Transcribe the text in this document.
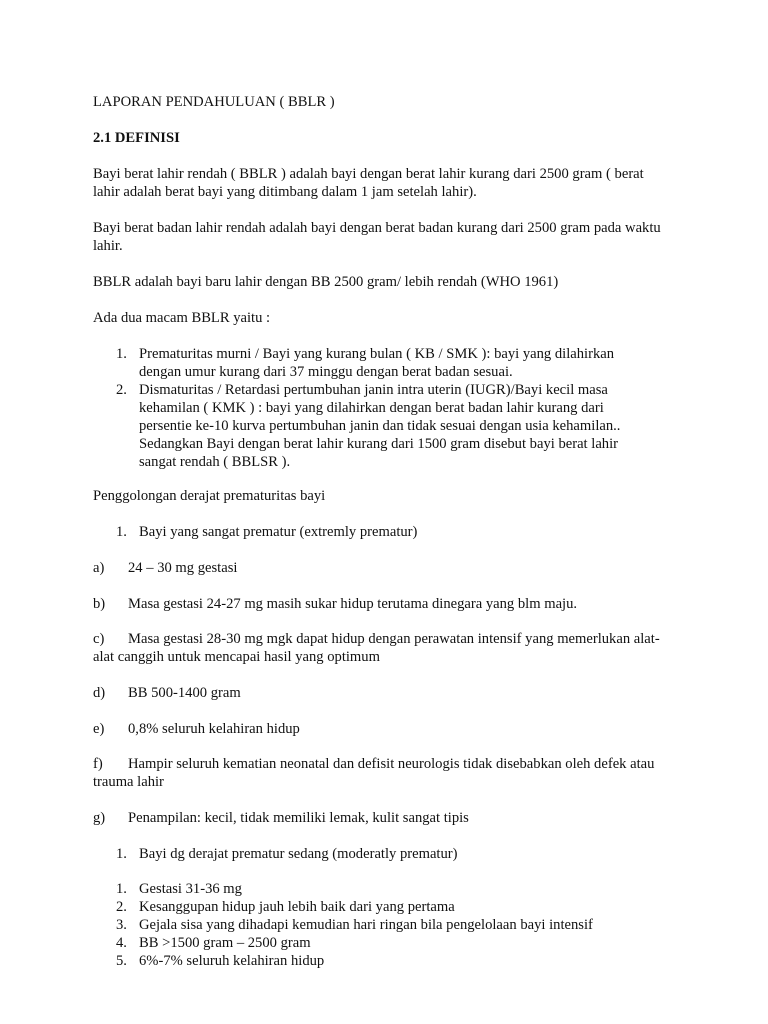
LAPORAN PENDAHULUAN ( BBLR )

2.1 DEFINISI

Bayi berat lahir rendah ( BBLR ) adalah bayi dengan berat lahir kurang dari 2500 gram ( berat lahir adalah berat bayi yang ditimbang dalam 1 jam setelah lahir).

Bayi berat badan lahir rendah adalah bayi dengan berat badan kurang dari 2500 gram pada waktu lahir.

BBLR adalah bayi baru lahir dengan BB 2500 gram/ lebih rendah (WHO 1961)

Ada dua macam BBLR yaitu :

1. Prematuritas murni / Bayi yang kurang bulan ( KB / SMK ): bayi yang dilahirkan dengan umur kurang dari 37 minggu dengan berat badan sesuai.
2. Dismaturitas / Retardasi pertumbuhan janin intra uterin (IUGR)/Bayi kecil masa kehamilan ( KMK ) : bayi yang dilahirkan dengan berat badan lahir kurang dari persentie ke-10 kurva pertumbuhan janin dan tidak sesuai dengan usia kehamilan.. Sedangkan Bayi dengan berat lahir kurang dari 1500 gram disebut bayi berat lahir sangat rendah ( BBLSR ).

Penggolongan derajat prematuritas bayi

1. Bayi yang sangat prematur (extremly prematur)

a) 24 – 30 mg gestasi

b) Masa gestasi 24-27 mg masih sukar hidup terutama dinegara yang blm maju.

c) Masa gestasi 28-30 mg mgk dapat hidup dengan perawatan intensif yang memerlukan alat-alat canggih untuk mencapai hasil yang optimum

d) BB 500-1400 gram

e) 0,8% seluruh kelahiran hidup

f) Hampir seluruh kematian neonatal dan defisit neurologis tidak disebabkan oleh defek atau trauma lahir

g) Penampilan: kecil, tidak memiliki lemak, kulit sangat tipis

1. Bayi dg derajat prematur sedang (moderatly prematur)
1. Gestasi 31-36 mg
2. Kesanggupan hidup jauh lebih baik dari yang pertama
3. Gejala sisa yang dihadapi kemudian hari ringan bila pengelolaan bayi intensif
4. BB >1500 gram – 2500 gram
5. 6%-7% seluruh kelahiran hidup
